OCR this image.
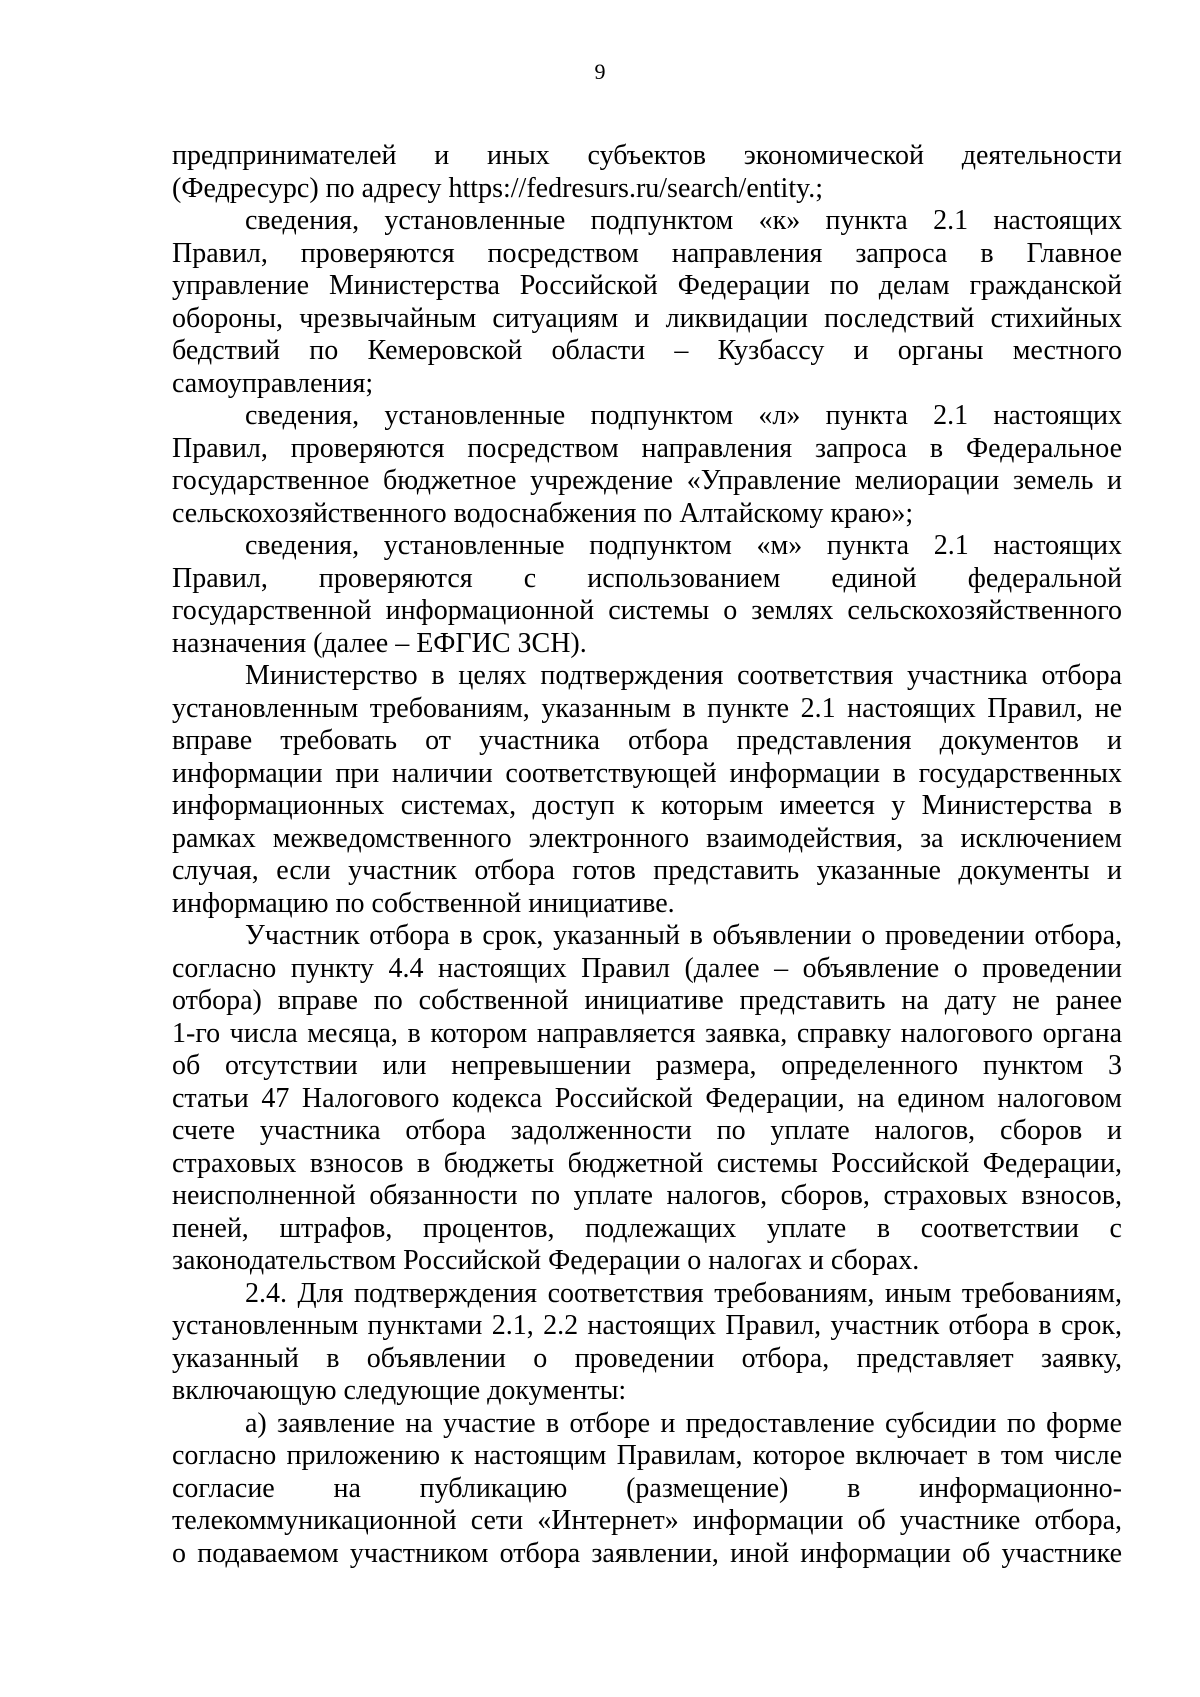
9
предпринимателей и иных субъектов экономической деятельности
(Федресурс) по адресу https://fedresurs.ru/search/entity.;
сведения, установленные подпунктом «к» пункта 2.1 настоящих
Правил, проверяются посредством направления запроса в Главное
управление Министерства Российской Федерации по делам гражданской
обороны, чрезвычайным ситуациям и ликвидации последствий стихийных
бедствий по Кемеровской области – Кузбассу и органы местного
самоуправления;
сведения, установленные подпунктом «л» пункта 2.1 настоящих
Правил, проверяются посредством направления запроса в Федеральное
государственное бюджетное учреждение «Управление мелиорации земель и
сельскохозяйственного водоснабжения по Алтайскому краю»;
сведения, установленные подпунктом «м» пункта 2.1 настоящих
Правил, проверяются с использованием единой федеральной
государственной информационной системы о землях сельскохозяйственного
назначения (далее – ЕФГИС ЗСН).
Министерство в целях подтверждения соответствия участника отбора
установленным требованиям, указанным в пункте 2.1 настоящих Правил, не
вправе требовать от участника отбора представления документов и
информации при наличии соответствующей информации в государственных
информационных системах, доступ к которым имеется у Министерства в
рамках межведомственного электронного взаимодействия, за исключением
случая, если участник отбора готов представить указанные документы и
информацию по собственной инициативе.
Участник отбора в срок, указанный в объявлении о проведении отбора,
согласно пункту 4.4 настоящих Правил (далее – объявление о проведении
отбора) вправе по собственной инициативе представить на дату не ранее
1-го числа месяца, в котором направляется заявка, справку налогового органа
об отсутствии или непревышении размера, определенного пунктом 3
статьи 47 Налогового кодекса Российской Федерации, на едином налоговом
счете участника отбора задолженности по уплате налогов, сборов и
страховых взносов в бюджеты бюджетной системы Российской Федерации,
неисполненной обязанности по уплате налогов, сборов, страховых взносов,
пеней, штрафов, процентов, подлежащих уплате в соответствии с
законодательством Российской Федерации о налогах и сборах.
2.4. Для подтверждения соответствия требованиям, иным требованиям,
установленным пунктами 2.1, 2.2 настоящих Правил, участник отбора в срок,
указанный в объявлении о проведении отбора, представляет заявку,
включающую следующие документы:
а) заявление на участие в отборе и предоставление субсидии по форме
согласно приложению к настоящим Правилам, которое включает в том числе
согласие на публикацию (размещение) в информационно-
телекоммуникационной сети «Интернет» информации об участнике отбора,
о подаваемом участником отбора заявлении, иной информации об участнике
